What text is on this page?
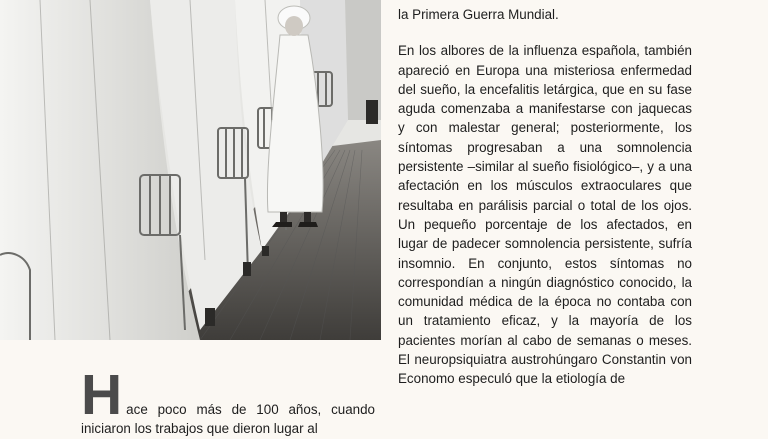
la Primera Guerra Mundial.

En los albores de la influenza española, también apareció en Europa una misteriosa enfermedad del sueño, la encefalitis letárgica, que en su fase aguda comenzaba a manifestarse con jaquecas y con malestar general; posteriormente, los síntomas progresaban a una somnolencia persistente –similar al sueño fisiológico–, y a una afectación en los músculos extraoculares que resultaba en parálisis parcial o total de los ojos. Un pequeño porcentaje de los afectados, en lugar de padecer somnolencia persistente, sufría insomnio. En conjunto, estos síntomas no correspondían a ningún diagnóstico conocido, la comunidad médica de la época no contaba con un tratamiento eficaz, y la mayoría de los pacientes morían al cabo de semanas o meses. El neuropsiquiatra austrohúngaro Constantin von Economo especuló que la etiología de

H ace poco más de 100 años, cuando iniciaron los trabajos que dieron lugar al
